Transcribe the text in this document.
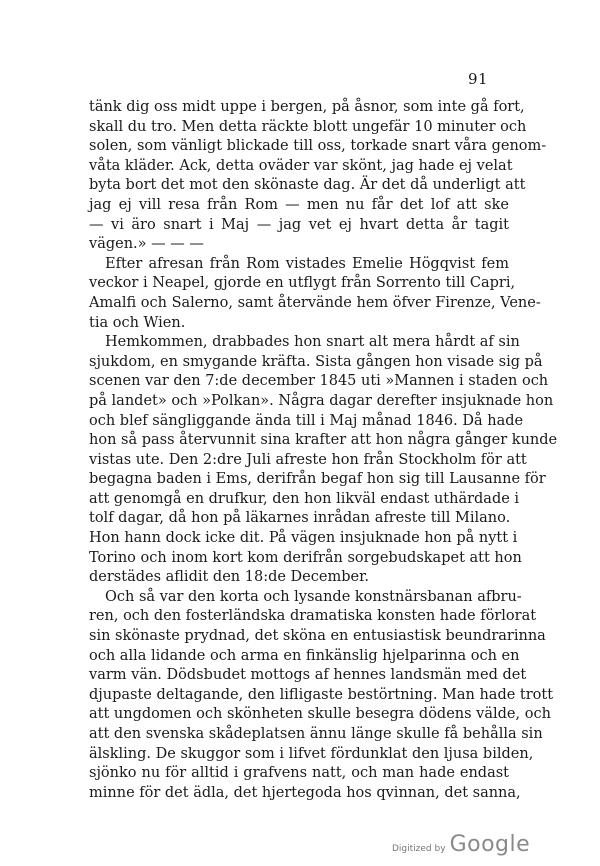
91
tänk dig oss midt uppe i bergen, på åsnor, som inte gå fort,
skall du tro. Men detta räckte blott ungefär 10 minuter och
solen, som vänligt blickade till oss, torkade snart våra genom-
våta kläder. Ack, detta oväder var skönt, jag hade ej velat
byta bort det mot den skönaste dag. Är det då underligt att
jag ej vill resa från Rom — men nu får det lof att ske
— vi äro snart i Maj — jag vet ej hvart detta år tagit
vägen.» — — —
Efter afresan från Rom vistades Emelie Högqvist fem
veckor i Neapel, gjorde en utflygt från Sorrento till Capri,
Amalfi och Salerno, samt återvände hem öfver Firenze, Vene-
tia och Wien.
Hemkommen, drabbades hon snart alt mera hårdt af sin
sjukdom, en smygande kräfta. Sista gången hon visade sig på
scenen var den 7:de december 1845 uti »Mannen i staden och
på landet» och »Polkan». Några dagar derefter insjuknade hon
och blef sängliggande ända till i Maj månad 1846. Då hade
hon så pass återvunnit sina krafter att hon några gånger kunde
vistas ute. Den 2:dre Juli afreste hon från Stockholm för att
begagna baden i Ems, derifrån begaf hon sig till Lausanne för
att genomgå en drufkur, den hon likväl endast uthärdade i
tolf dagar, då hon på läkarnes inrådan afreste till Milano.
Hon hann dock icke dit. På vägen insjuknade hon på nytt i
Torino och inom kort kom derifrån sorgebudskapet att hon
derstädes aflidit den 18:de December.
Och så var den korta och lysande konstnärsbanan afbru-
ren, och den fosterländska dramatiska konsten hade förlorat
sin skönaste prydnad, det sköna en entusiastisk beundrarinna
och alla lidande och arma en finkänslig hjelparinna och en
varm vän. Dödsbudet mottogs af hennes landsmän med det
djupaste deltagande, den lifligaste bestörtning. Man hade trott
att ungdomen och skönheten skulle besegra dödens välde, och
att den svenska skådeplatsen ännu länge skulle få behålla sin
älskling. De skuggor som i lifvet fördunklat den ljusa bilden,
sjönko nu för alltid i grafvens natt, och man hade endast
minne för det ädla, det hjertegoda hos qvinnan, det sanna,
Digitized by Google
